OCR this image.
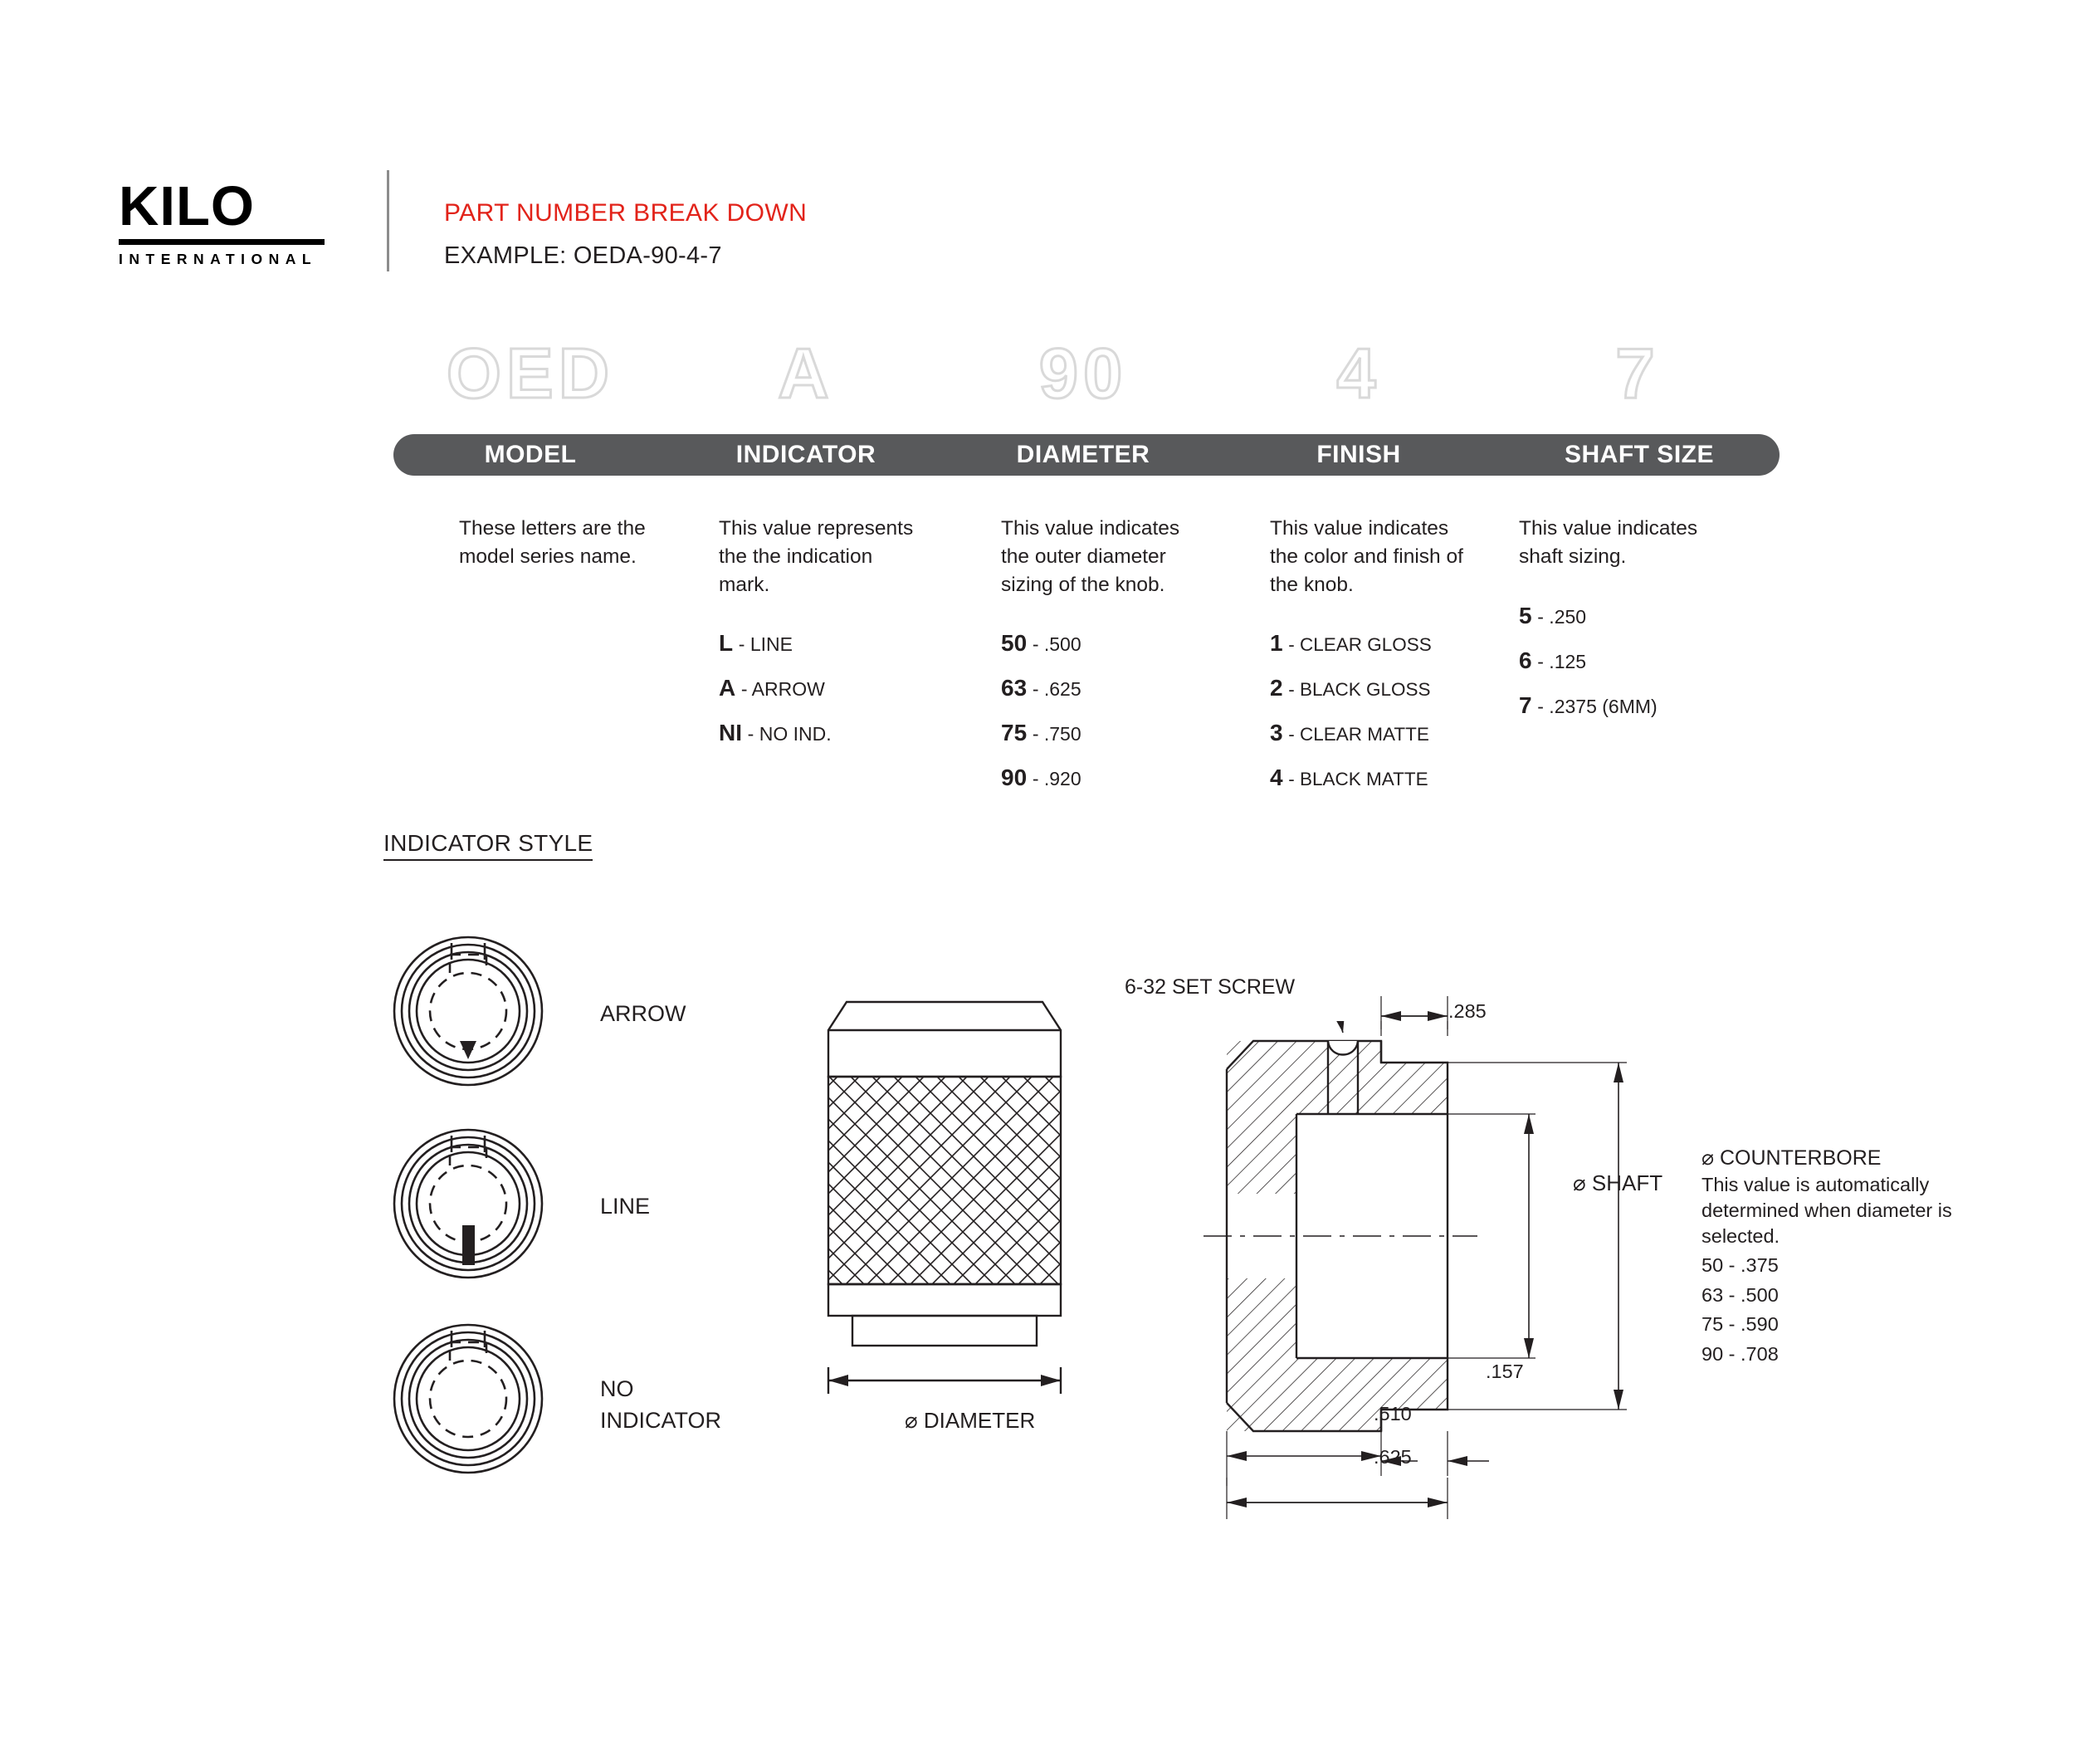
KILO
INTERNATIONAL
PART NUMBER BREAK DOWN
EXAMPLE: OEDA-90-4-7
OED	A	90	4	7
MODEL	INDICATOR	DIAMETER	FINISH	SHAFT SIZE

These letters are the model series name.

This value represents the the indication mark.

L - LINE
A - ARROW
NI - NO IND.

This value indicates the outer diameter sizing of the knob.

50 - .500
63 - .625
75 - .750
90 - .920

This value indicates the color and finish of the knob.

1 - CLEAR GLOSS
2 - BLACK GLOSS
3 - CLEAR MATTE
4 - BLACK MATTE

This value indicates shaft sizing.

5 - .250
6 - .125
7 - .2375 (6MM)
INDICATOR STYLE
ARROW
LINE
NO
INDICATOR	⌀ DIAMETER
6-32 SET SCREW
.285
⌀ SHAFT
.157
.510
.625
⌀ COUNTERBORE
This value is automatically determined when diameter is selected.
50 - .375
63 - .500
75 - .590
90 - .708
